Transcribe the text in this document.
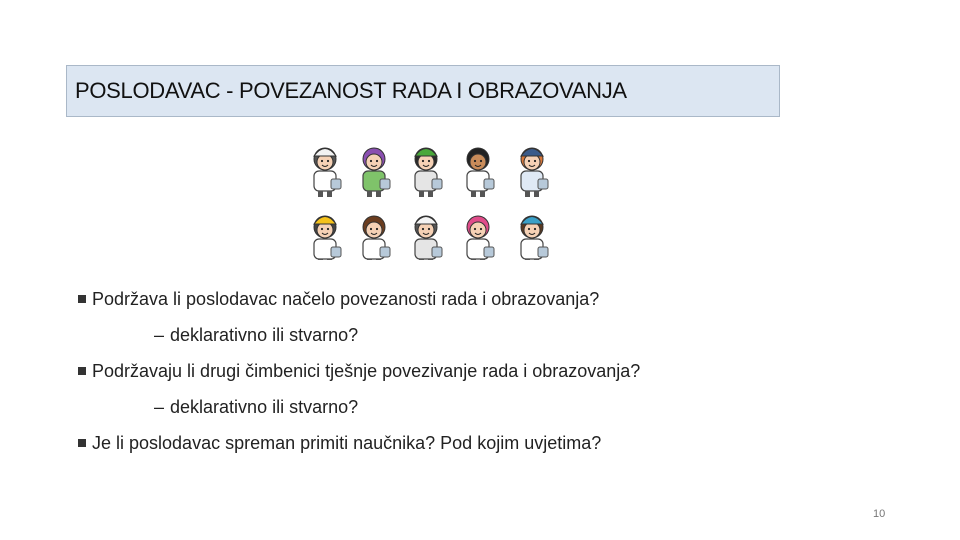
POSLODAVAC - POVEZANOST RADA I OBRAZOVANJA
Podržava li poslodavac načelo povezanosti rada i obrazovanja?
– deklarativno ili stvarno?
Podržavaju li drugi čimbenici tješnje povezivanje rada i obrazovanja?
– deklarativno ili stvarno?
Je li poslodavac spreman primiti naučnika? Pod kojim uvjetima?
10
